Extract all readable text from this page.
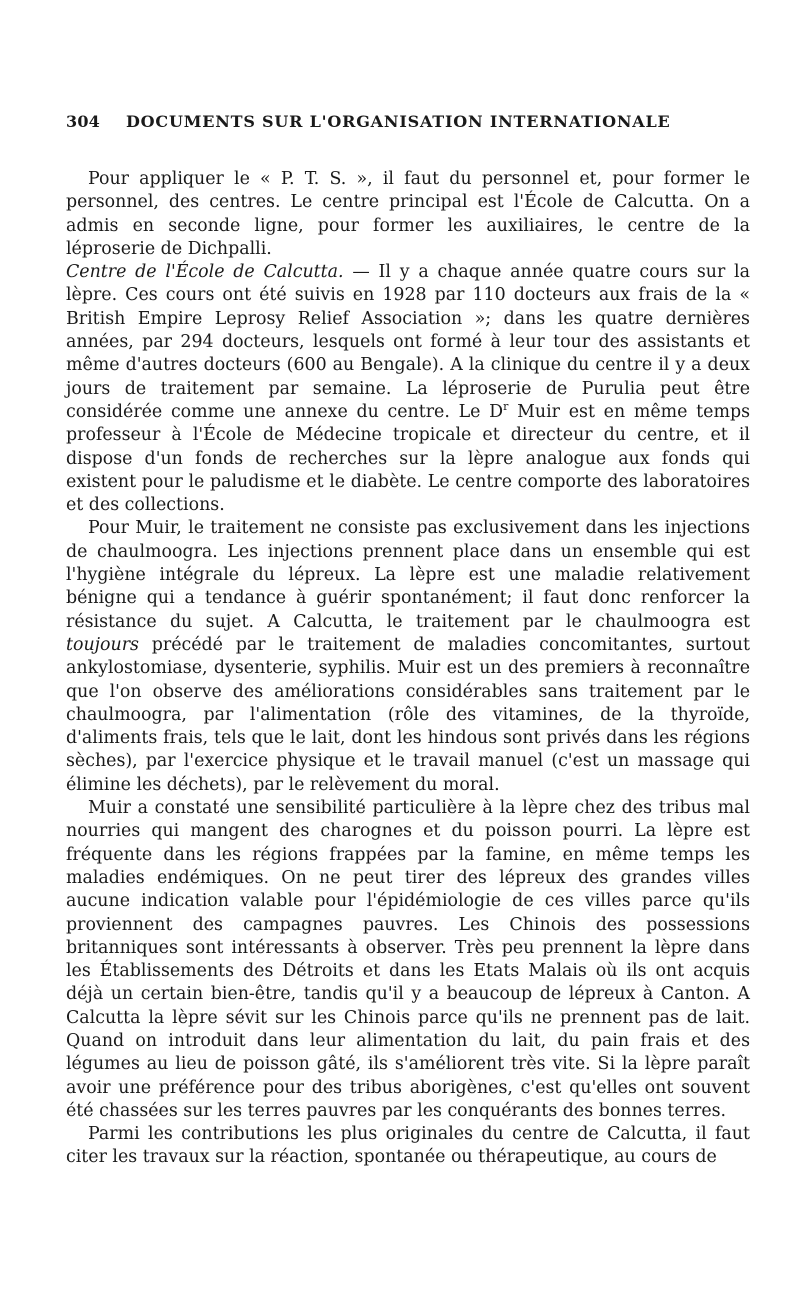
304	DOCUMENTS SUR L'ORGANISATION INTERNATIONALE

Pour appliquer le « P. T. S. », il faut du personnel et, pour former le personnel, des centres. Le centre principal est l'École de Calcutta. On a admis en seconde ligne, pour former les auxiliaires, le centre de la léproserie de Dichpalli.

Centre de l'École de Calcutta. — Il y a chaque année quatre cours sur la lèpre. Ces cours ont été suivis en 1928 par 110 docteurs aux frais de la « British Empire Leprosy Relief Association »; dans les quatre dernières années, par 294 docteurs, lesquels ont formé à leur tour des assistants et même d'autres docteurs (600 au Bengale). A la clinique du centre il y a deux jours de traitement par semaine. La léproserie de Purulia peut être considérée comme une annexe du centre. Le $D^r$ Muir est en même temps professeur à l'École de Médecine tropicale et directeur du centre, et il dispose d'un fonds de recherches sur la lèpre analogue aux fonds qui existent pour le paludisme et le diabète. Le centre comporte des laboratoires et des collections.

Pour Muir, le traitement ne consiste pas exclusivement dans les injections de chaulmoogra. Les injections prennent place dans un ensemble qui est l'hygiène intégrale du lépreux. La lèpre est une maladie relativement bénigne qui a tendance à guérir spontanément; il faut donc renforcer la résistance du sujet. A Calcutta, le traitement par le chaulmoogra est toujours précédé par le traitement de maladies concomitantes, surtout ankylostomiase, dysenterie, syphilis. Muir est un des premiers à reconnaître que l'on observe des améliorations considérables sans traitement par le chaulmoogra, par l'alimentation (rôle des vitamines, de la thyroïde, d'aliments frais, tels que le lait, dont les hindous sont privés dans les régions sèches), par l'exercice physique et le travail manuel (c'est un massage qui élimine les déchets), par le relèvement du moral.

Muir a constaté une sensibilité particulière à la lèpre chez des tribus mal nourries qui mangent des charognes et du poisson pourri. La lèpre est fréquente dans les régions frappées par la famine, en même temps les maladies endémiques. On ne peut tirer des lépreux des grandes villes aucune indication valable pour l'épidémiologie de ces villes parce qu'ils proviennent des campagnes pauvres. Les Chinois des possessions britanniques sont intéressants à observer. Très peu prennent la lèpre dans les Établissements des Détroits et dans les Etats Malais où ils ont acquis déjà un certain bien-être, tandis qu'il y a beaucoup de lépreux à Canton. A Calcutta la lèpre sévit sur les Chinois parce qu'ils ne prennent pas de lait. Quand on introduit dans leur alimentation du lait, du pain frais et des légumes au lieu de poisson gâté, ils s'améliorent très vite. Si la lèpre paraît avoir une préférence pour des tribus aborigènes, c'est qu'elles ont souvent été chassées sur les terres pauvres par les conquérants des bonnes terres.

Parmi les contributions les plus originales du centre de Calcutta, il faut citer les travaux sur la réaction, spontanée ou thérapeutique, au cours de
